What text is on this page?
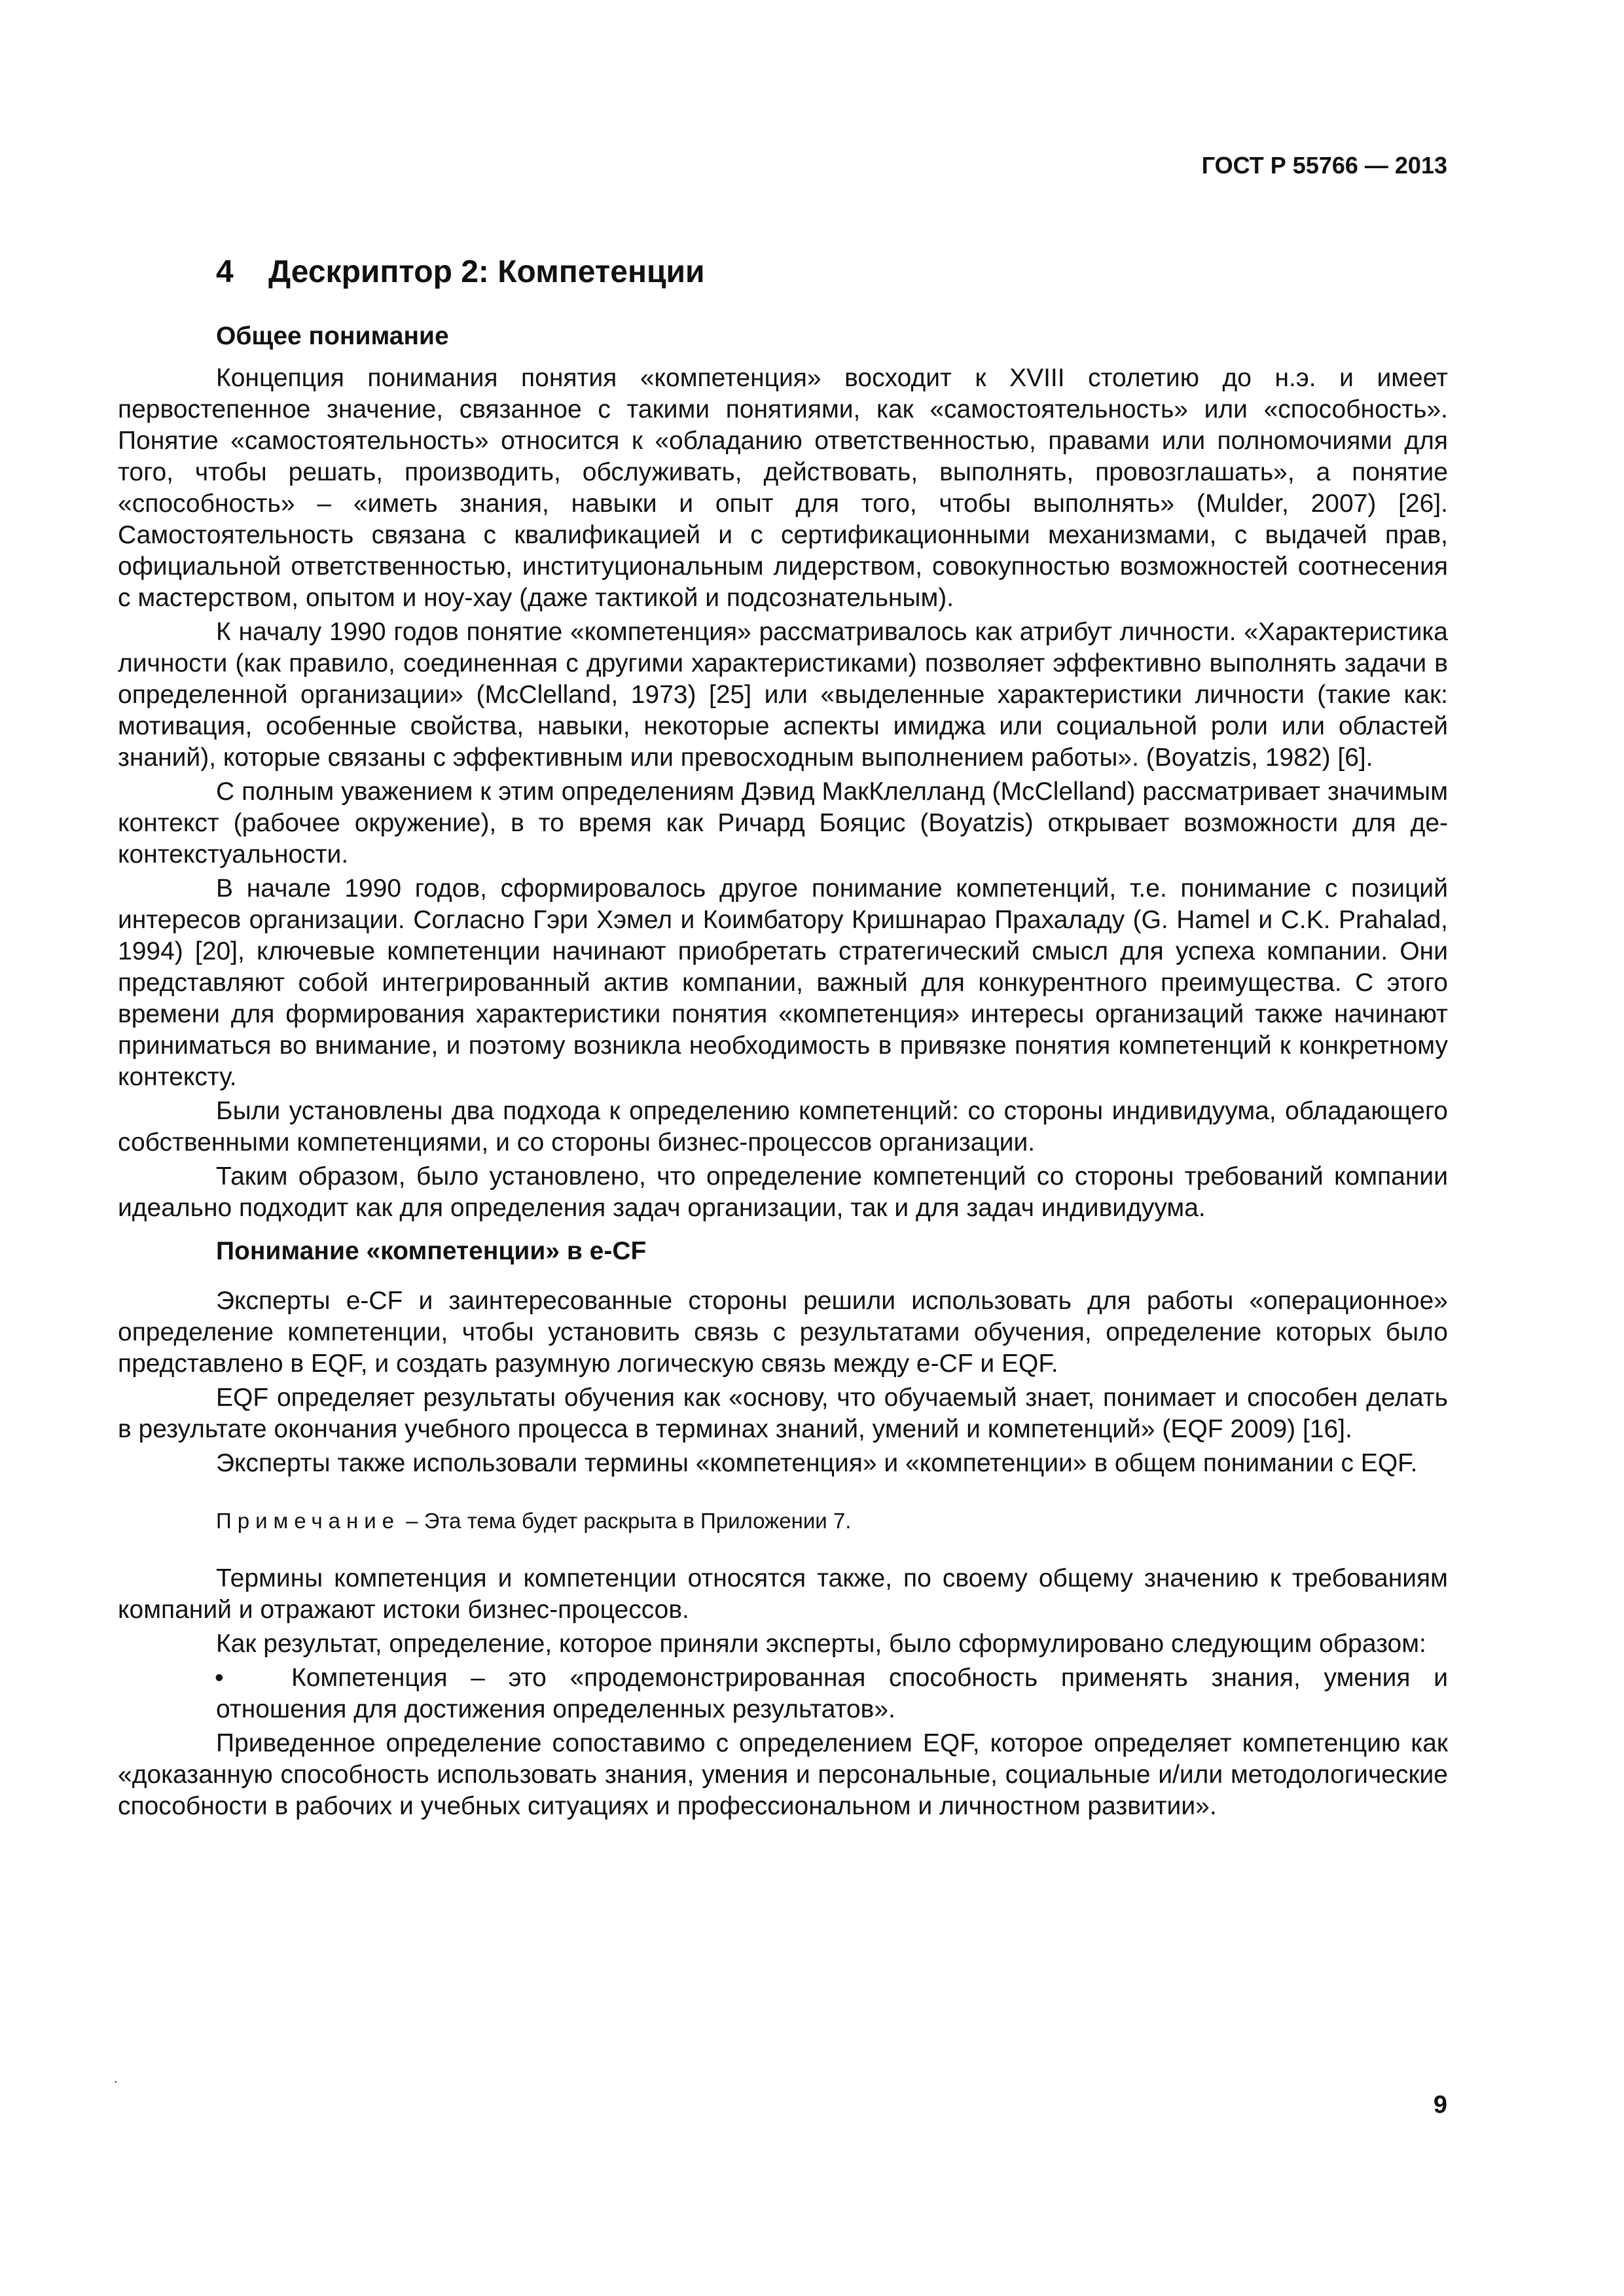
ГОСТ Р 55766 — 2013
4 Дескриптор 2: Компетенции
Общее понимание

Концепция понимания понятия «компетенция» восходит к XVIII столетию до н.э. и имеет первостепенное значение, связанное с такими понятиями, как «самостоятельность» или «способность». Понятие «самостоятельность» относится к «обладанию ответственностью, правами или полномочиями для того, чтобы решать, производить, обслуживать, действовать, выполнять, провозглашать», а понятие «способность» – «иметь знания, навыки и опыт для того, чтобы выполнять» (Mulder, 2007) [26]. Самостоятельность связана с квалификацией и с сертификационными механизмами, с выдачей прав, официальной ответственностью, институциональным лидерством, совокупностью возможностей соотнесения с мастерством, опытом и ноу-хау (даже тактикой и подсознательным).

К началу 1990 годов понятие «компетенция» рассматривалось как атрибут личности. «Характеристика личности (как правило, соединенная с другими характеристиками) позволяет эффективно выполнять задачи в определенной организации» (McClelland, 1973) [25] или «выделенные характеристики личности (такие как: мотивация, особенные свойства, навыки, некоторые аспекты имиджа или социальной роли или областей знаний), которые связаны с эффективным или превосходным выполнением работы». (Boyatzis, 1982) [6].

С полным уважением к этим определениям Дэвид МакКлелланд (McClelland) рассматривает значимым контекст (рабочее окружение), в то время как Ричард Бояцис (Boyatzis) открывает возможности для де-контекстуальности.

В начале 1990 годов, сформировалось другое понимание компетенций, т.е. понимание с позиций интересов организации. Согласно Гэри Хэмел и Коимбатору Кришнарао Прахаладу (G. Hamel и C.K. Prahalad, 1994) [20], ключевые компетенции начинают приобретать стратегический смысл для успеха компании. Они представляют собой интегрированный актив компании, важный для конкурентного преимущества. С этого времени для формирования характеристики понятия «компетенция» интересы организаций также начинают приниматься во внимание, и поэтому возникла необходимость в привязке понятия компетенций к конкретному контексту.

Были установлены два подхода к определению компетенций: со стороны индивидуума, обладающего собственными компетенциями, и со стороны бизнес-процессов организации.

Таким образом, было установлено, что определение компетенций со стороны требований компании идеально подходит как для определения задач организации, так и для задач индивидуума.

Понимание «компетенции» в e-CF

Эксперты e-CF и заинтересованные стороны решили использовать для работы «операционное» определение компетенции, чтобы установить связь с результатами обучения, определение которых было представлено в EQF, и создать разумную логическую связь между e-CF и EQF.

EQF определяет результаты обучения как «основу, что обучаемый знает, понимает и способен делать в результате окончания учебного процесса в терминах знаний, умений и компетенций» (EQF 2009) [16].

Эксперты также использовали термины «компетенция» и «компетенции» в общем понимании с EQF.

Примечание – Эта тема будет раскрыта в Приложении 7.

Термины компетенция и компетенции относятся также, по своему общему значению к требованиям компаний и отражают истоки бизнес-процессов.

Как результат, определение, которое приняли эксперты, было сформулировано следующим образом:

•	Компетенция – это «продемонстрированная способность применять знания, умения и отношения для достижения определенных результатов».

Приведенное определение сопоставимо с определением EQF, которое определяет компетенцию как «доказанную способность использовать знания, умения и персональные, социальные и/или методологические способности в рабочих и учебных ситуациях и профессиональном и личностном развитии».

.
9
